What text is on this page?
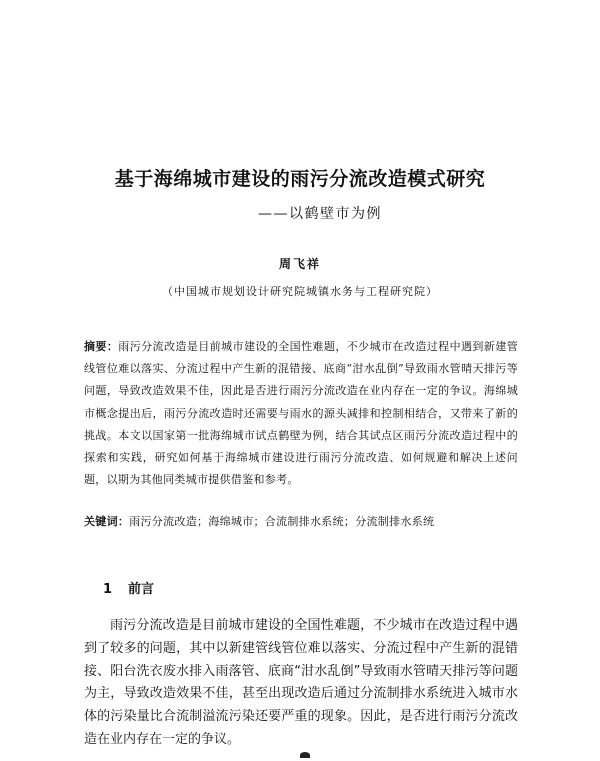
基于海绵城市建设的雨污分流改造模式研究
——以鹤壁市为例
周飞祥
（中国城市规划设计研究院城镇水务与工程研究院）

摘要：雨污分流改造是目前城市建设的全国性难题，不少城市在改造过程中遇到新建管线管位难以落实、分流过程中产生新的混错接、底商“泔水乱倒”导致雨水管晴天排污等问题，导致改造效果不佳，因此是否进行雨污分流改造在业内存在一定的争议。海绵城市概念提出后，雨污分流改造时还需要与雨水的源头减排和控制相结合，又带来了新的挑战。本文以国家第一批海绵城市试点鹤壁为例，结合其试点区雨污分流改造过程中的探索和实践，研究如何基于海绵城市建设进行雨污分流改造、如何规避和解决上述问题，以期为其他同类城市提供借鉴和参考。

关键词：雨污分流改造；海绵城市；合流制排水系统；分流制排水系统

1 前言

雨污分流改造是目前城市建设的全国性难题，不少城市在改造过程中遇到了较多的问题，其中以新建管线管位难以落实、分流过程中产生新的混错接、阳台洗衣废水排入雨落管、底商“泔水乱倒”导致雨水管晴天排污等问题为主，导致改造效果不佳，甚至出现改造后通过分流制排水系统进入城市水体的污染量比合流制溢流污染还要严重的现象。因此，是否进行雨污分流改造在业内存在一定的争议。
